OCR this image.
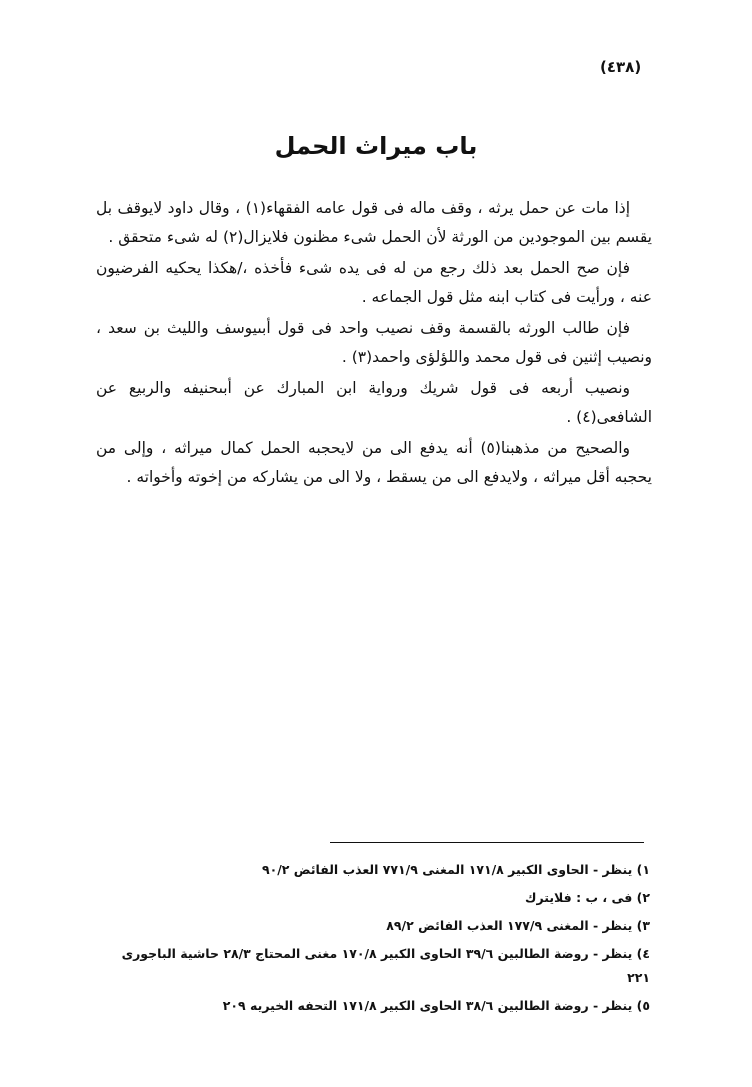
(٤٣٨)
باب ميراث الحمل

إذا مات عن حمل يرثه ، وقف ماله فى قول عامه الفقهاء(١) ، وقال داود لايوقف بل يقسم بين الموجودين من الورثة لأن الحمل شىء مظنون فلايزال(٢) له شىء متحقق .

فإن صح الحمل بعد ذلك رجع من له فى يده شىء فأخذه ،/هكذا يحكيه الفرضيون عنه ، ورأيت فى كتاب ابنه مثل قول الجماعه .

فإن طالب الورثه بالقسمة وقف نصيب واحد فى قول أبىيوسف والليث بن سعد ، ونصيب إثنين فى قول محمد واللؤلؤى واحمد(٣) .

ونصيب أربعه فى قول شريك ورواية ابن المبارك عن أبىحنيفه والربيع عن الشافعى(٤) .

والصحيح من مذهبنا(٥) أنه يدفع الى من لايحجبه الحمل كمال ميراثه ، وإلى من يحجبه أقل ميراثه ، ولايدفع الى من يسقط ، ولا الى من يشاركه من إخوته وأخواته .

١) ينظر - الحاوى الكبير ١٧١/٨ المغنى ٧٧١/٩ العذب الفائض ٩٠/٢
٢) فى ، ب : فلايترك
٣) ينظر - المغنى ١٧٧/٩ العذب الفائض ٨٩/٢
٤) ينظر - روضة الطالبين ٣٩/٦ الحاوى الكبير ١٧٠/٨ مغنى المحتاج ٢٨/٣ حاشية الباجورى ٢٢١
٥) ينظر - روضة الطالبين ٣٨/٦ الحاوى الكبير ١٧١/٨ التحفه الخيريه ٢٠٩
